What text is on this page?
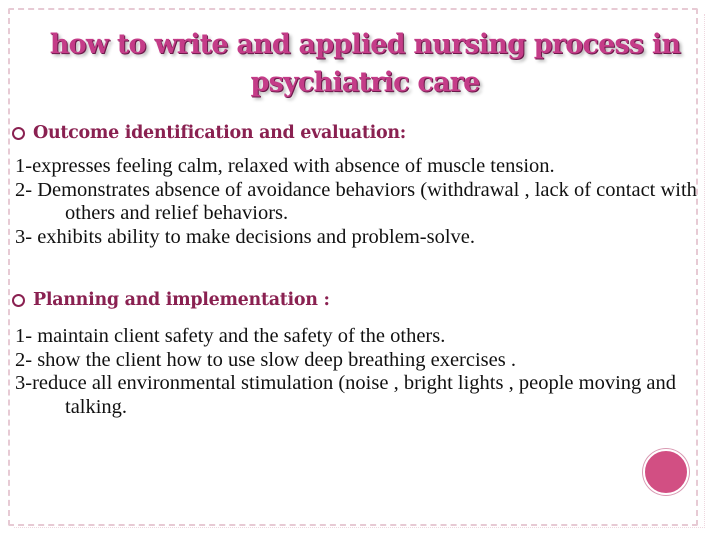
how to write and applied nursing process in
psychiatric care
Outcome identification and evaluation:
1-expresses feeling calm, relaxed with absence of muscle tension.
2- Demonstrates absence of avoidance behaviors (withdrawal , lack of contact with others and relief behaviors.
3- exhibits ability to make decisions and problem-solve.
Planning and implementation :
1- maintain client safety and the safety of the others.
2- show the client how to use slow deep breathing exercises .
3-reduce all environmental stimulation (noise , bright lights , people moving and talking.
